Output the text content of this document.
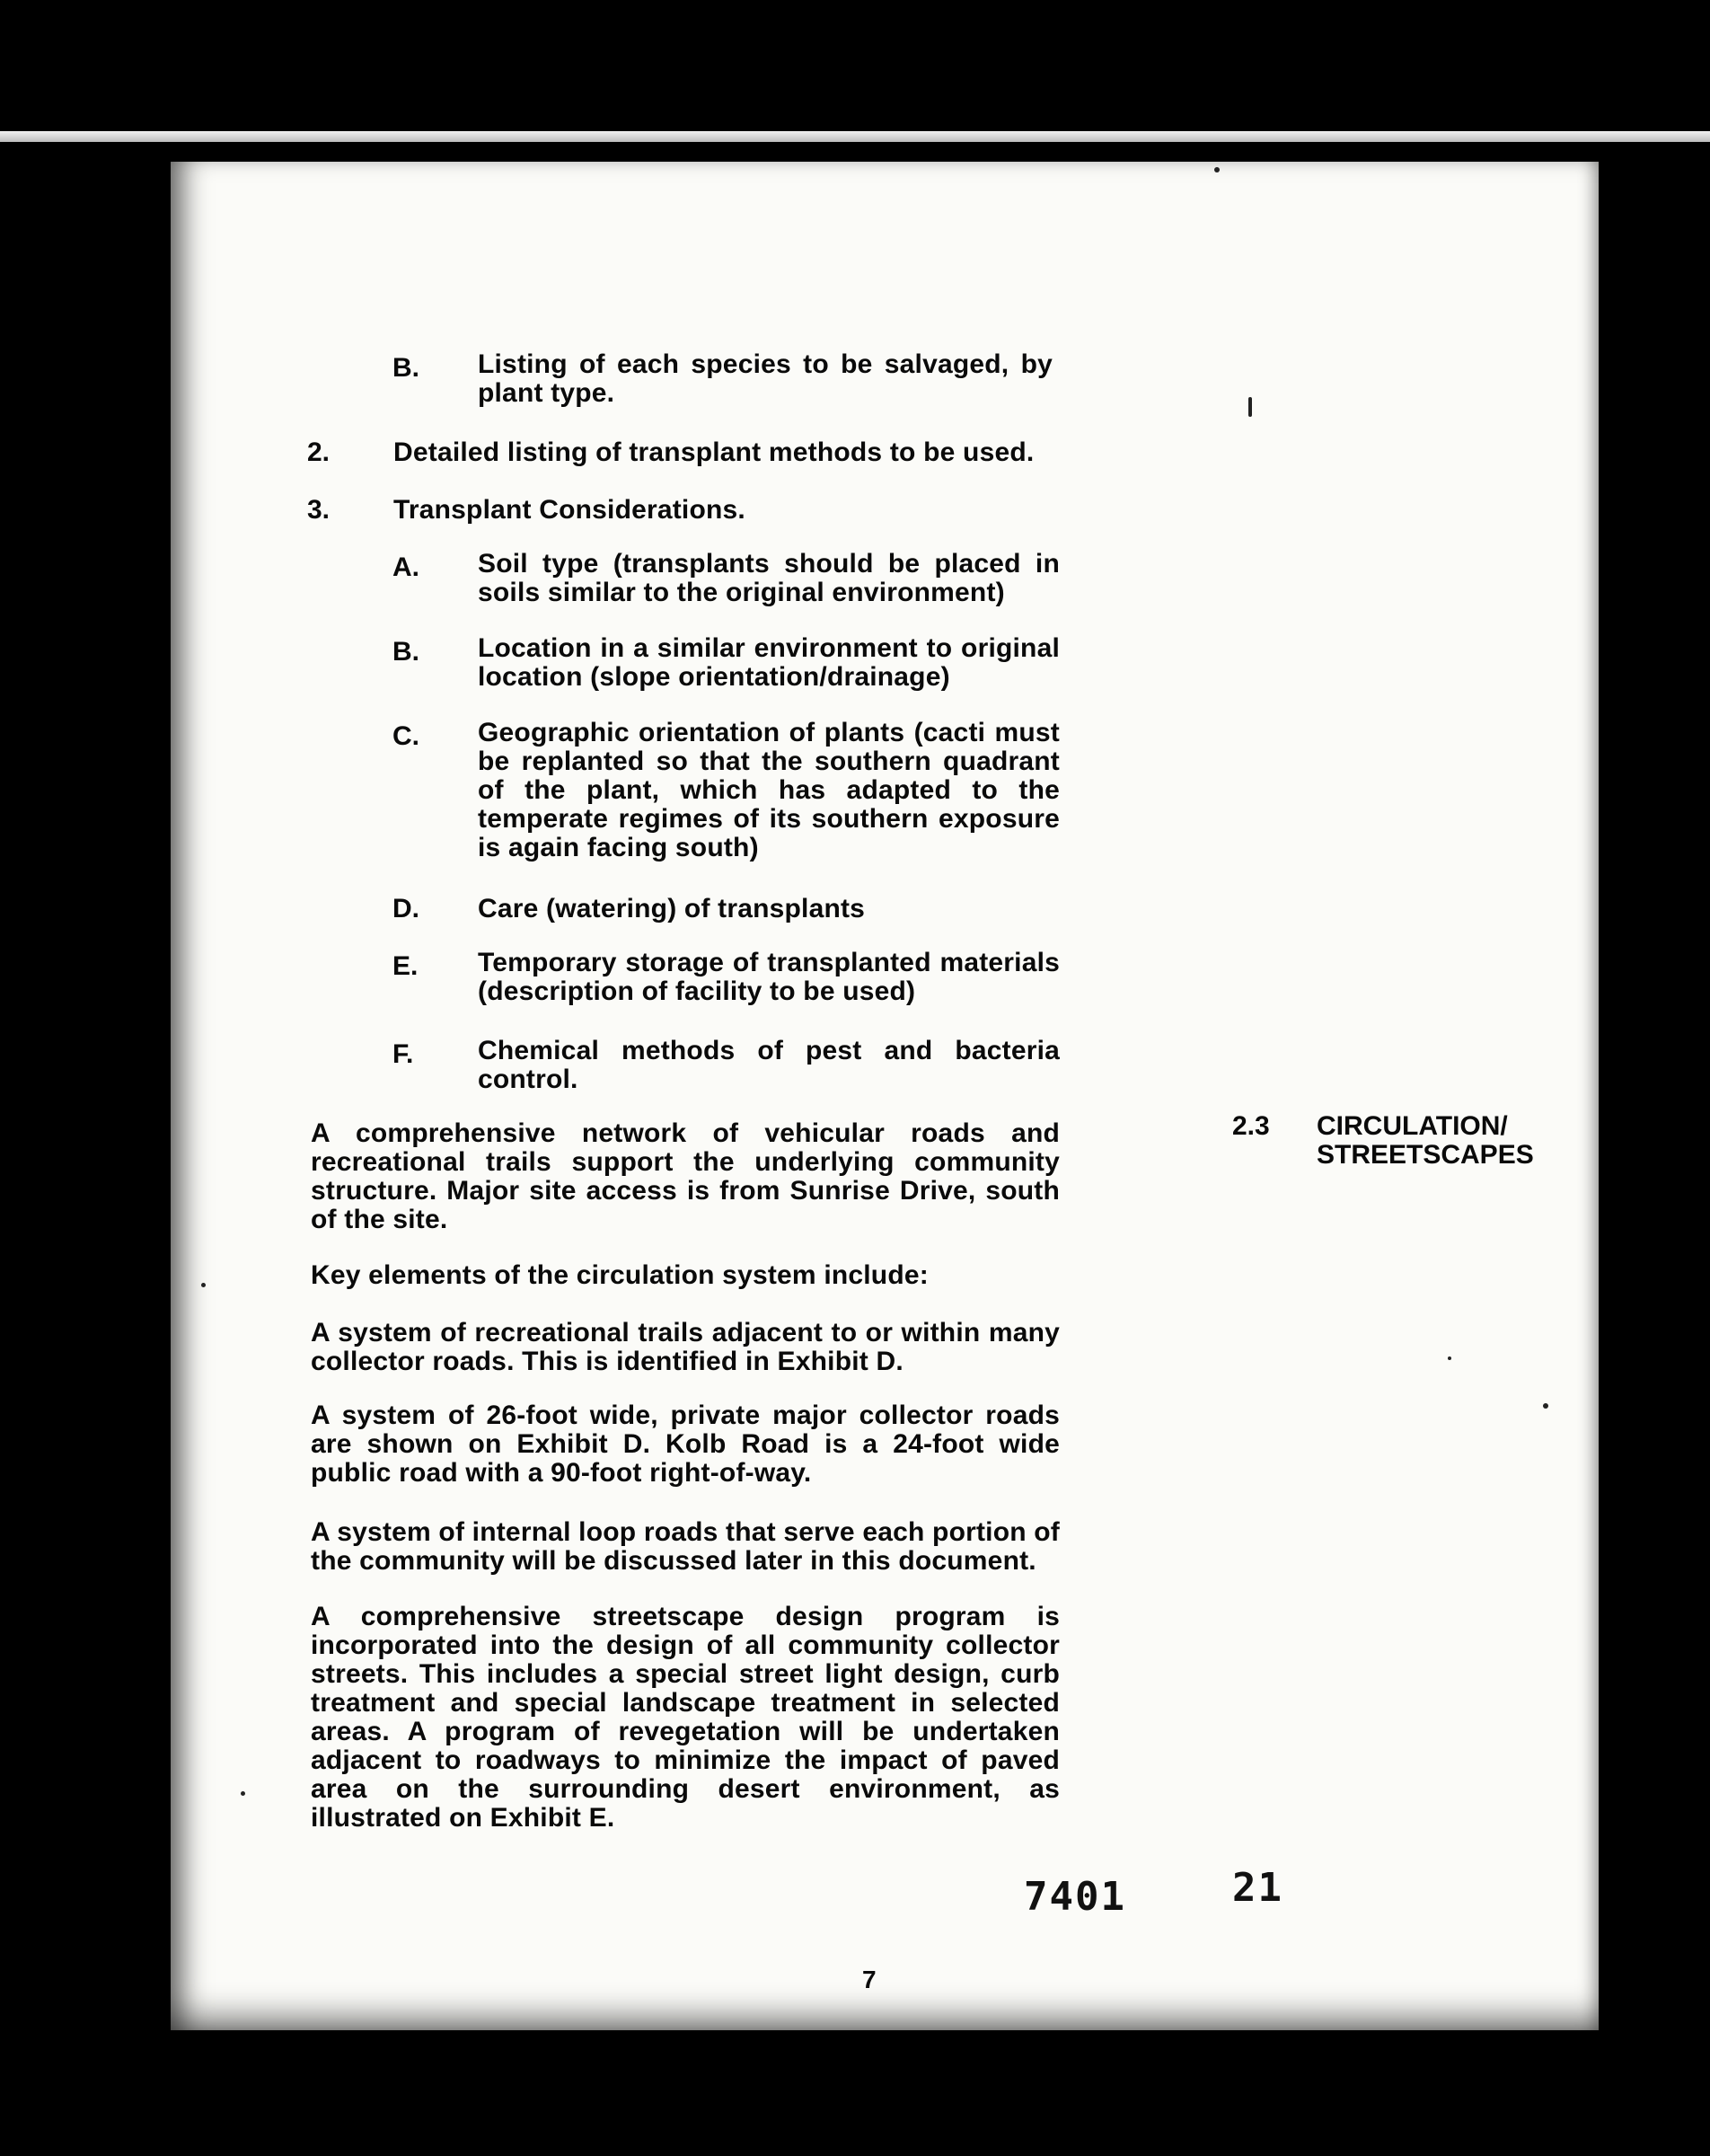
B. Listing of each species to be salvaged, by plant type.
2. Detailed listing of transplant methods to be used.
3. Transplant Considerations.
A. Soil type (transplants should be placed in soils similar to the original environment)
B. Location in a similar environment to original location (slope orientation/drainage)
C. Geographic orientation of plants (cacti must be replanted so that the southern quadrant of the plant, which has adapted to the temperate regimes of its southern exposure is again facing south)
D. Care (watering) of transplants
E. Temporary storage of transplanted materials (description of facility to be used)
F. Chemical methods of pest and bacteria control.
2.3 CIRCULATION/
STREETSCAPES
A comprehensive network of vehicular roads and recreational trails support the underlying community structure. Major site access is from Sunrise Drive, south of the site.
Key elements of the circulation system include:
A system of recreational trails adjacent to or within many collector roads. This is identified in Exhibit D.
A system of 26-foot wide, private major collector roads are shown on Exhibit D. Kolb Road is a 24-foot wide public road with a 90-foot right-of-way.
A system of internal loop roads that serve each portion of the community will be discussed later in this document.
A comprehensive streetscape design program is incorporated into the design of all community collector streets. This includes a special street light design, curb treatment and special landscape treatment in selected areas. A program of revegetation will be undertaken adjacent to roadways to minimize the impact of paved area on the surrounding desert environment, as illustrated on Exhibit E.
7401	21
7
